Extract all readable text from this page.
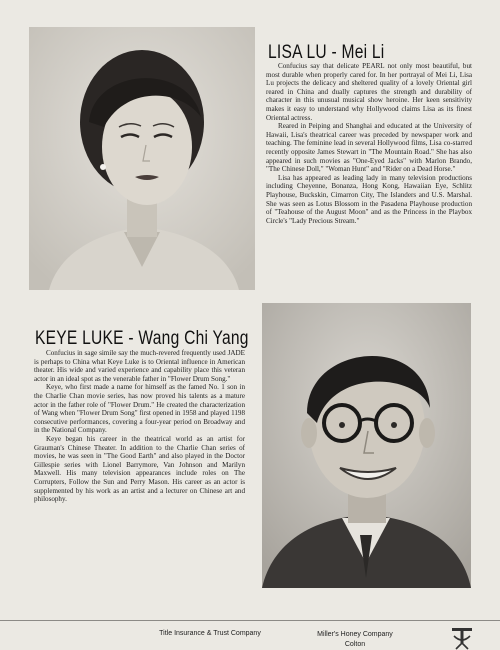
LISA LU - Mei Li

Confucius say that delicate PEARL not only most beautiful, but most durable when properly cared for. In her portrayal of Mei Li, Lisa Lu projects the delicacy and sheltered quality of a lovely Oriental girl reared in China and dually captures the strength and durability of character in this unusual musical show heroine. Her keen sensitivity makes it easy to understand why Hollywood claims Lisa as its finest Oriental actress.

Reared in Peiping and Shanghai and educated at the University of Hawaii, Lisa's theatrical career was preceded by newspaper work and teaching. The feminine lead in several Hollywood films, Lisa co-starred recently opposite James Stewart in "The Mountain Road." She has also appeared in such movies as "One-Eyed Jacks" with Marlon Brando, "The Chinese Doll," "Woman Hunt" and "Rider on a Dead Horse."

Lisa has appeared as leading lady in many television productions including Cheyenne, Bonanza, Hong Kong, Hawaiian Eye, Schlitz Playhouse, Buckskin, Cimarron City, The Islanders and U.S. Marshal. She was seen as Lotus Blossom in the Pasadena Playhouse production of "Teahouse of the August Moon" and as the Princess in the Playbox Circle's "Lady Precious Stream."

KEYE LUKE - Wang Chi Yang

Confucius in sage simile say the much-revered frequently used JADE is perhaps to China what Keye Luke is to Oriental influence in American theater. His wide and varied experience and capability place this veteran actor in an ideal spot as the venerable father in "Flower Drum Song."

Keye, who first made a name for himself as the famed No. 1 son in the Charlie Chan movie series, has now proved his talents as a mature actor in the father role of "Flower Drum." He created the characterization of Wang when "Flower Drum Song" first opened in 1958 and played 1198 consecutive performances, covering a four-year period on Broadway and in the National Company.

Keye began his career in the theatrical world as an artist for Grauman's Chinese Theater. In addition to the Charlie Chan series of movies, he was seen in "The Good Earth" and also played in the Doctor Gillespie series with Lionel Barrymore, Van Johnson and Marilyn Maxwell. His many television appearances include roles on The Corrupters, Follow the Sun and Perry Mason. His career as an actor is supplemented by his work as an artist and a lecturer on Chinese art and philosophy.

Title Insurance & Trust Company	Miller's Honey Company
Colton
